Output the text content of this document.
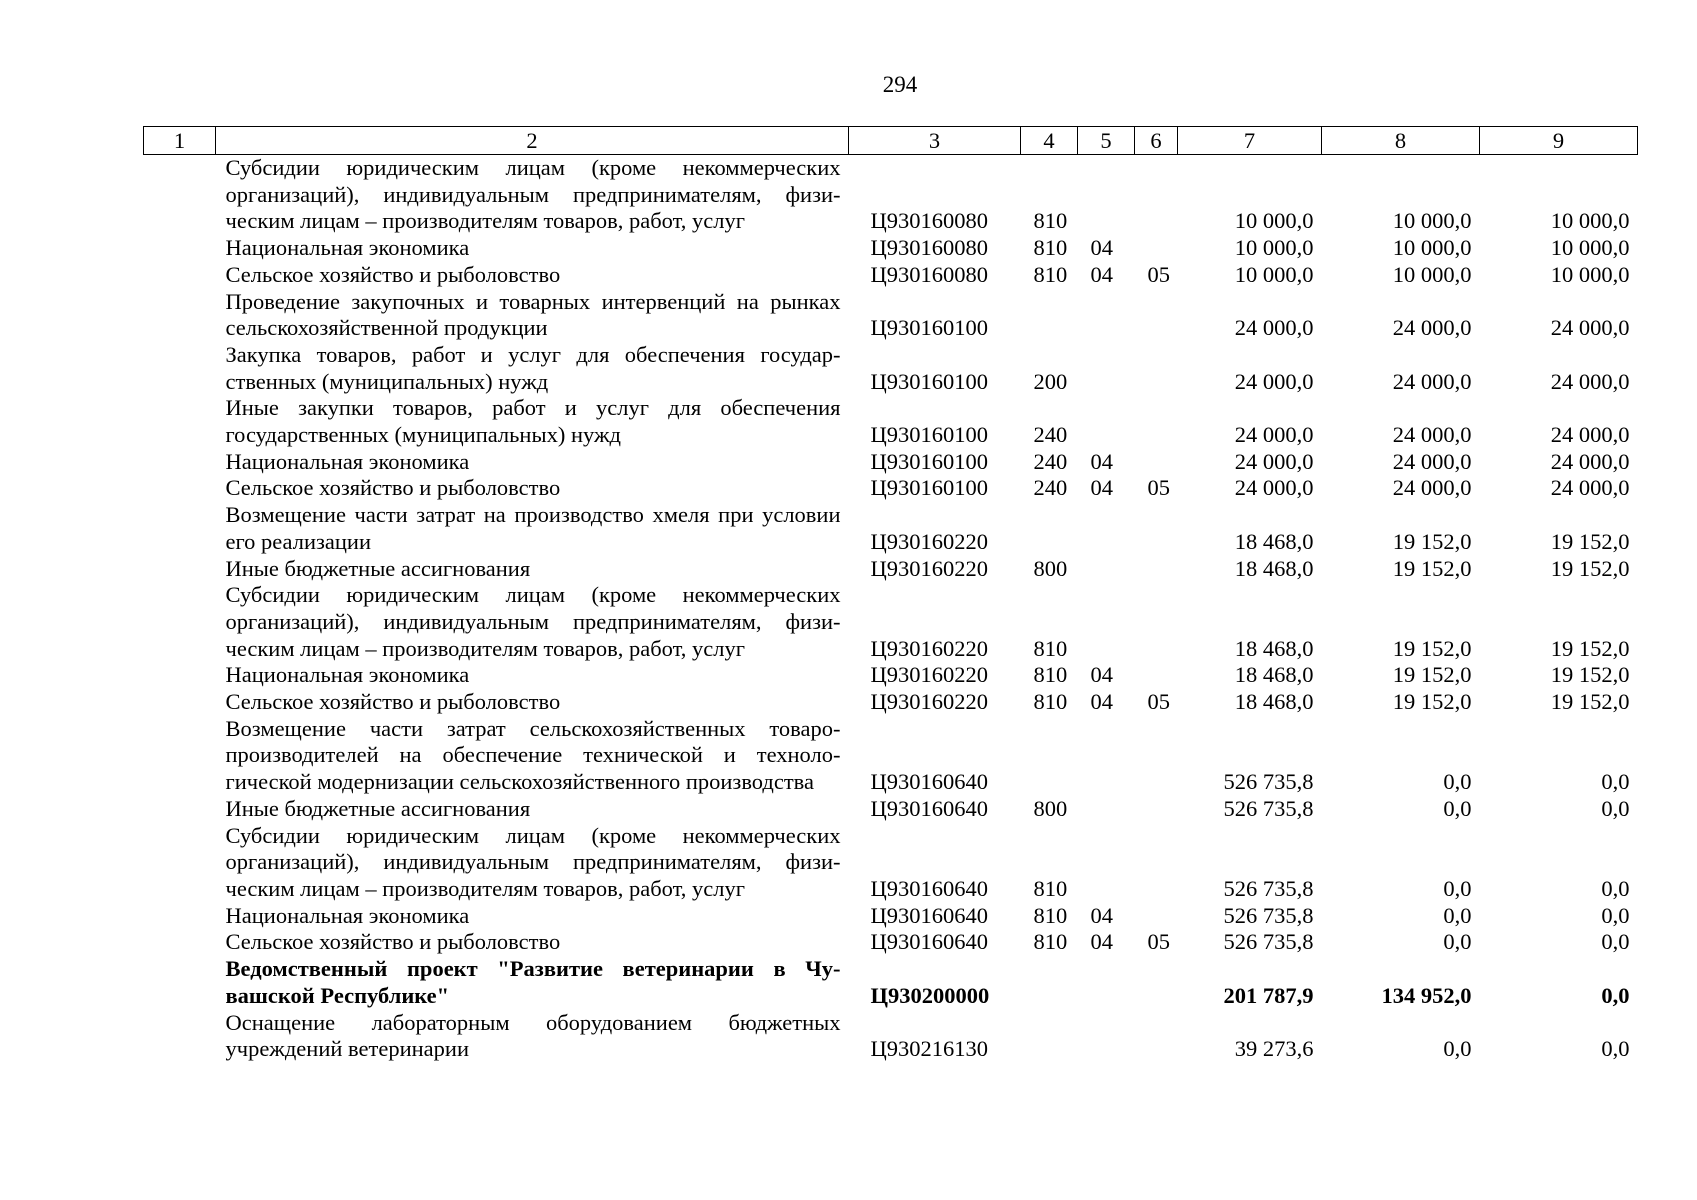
294
1	2	3	4	5	6	7	8	9
	Субсидии юридическим лицам (кроме некоммерческих организаций), индивидуальным предпринимателям, физическим лицам – производителям товаров, работ, услуг	Ц930160080	810			10 000,0	10 000,0	10 000,0
	Национальная экономика	Ц930160080	810	04		10 000,0	10 000,0	10 000,0
	Сельское хозяйство и рыболовство	Ц930160080	810	04	05	10 000,0	10 000,0	10 000,0
	Проведение закупочных и товарных интервенций на рынках сельскохозяйственной продукции	Ц930160100				24 000,0	24 000,0	24 000,0
	Закупка товаров, работ и услуг для обеспечения государственных (муниципальных) нужд	Ц930160100	200			24 000,0	24 000,0	24 000,0
	Иные закупки товаров, работ и услуг для обеспечения государственных (муниципальных) нужд	Ц930160100	240			24 000,0	24 000,0	24 000,0
	Национальная экономика	Ц930160100	240	04		24 000,0	24 000,0	24 000,0
	Сельское хозяйство и рыболовство	Ц930160100	240	04	05	24 000,0	24 000,0	24 000,0
	Возмещение части затрат на производство хмеля при условии его реализации	Ц930160220				18 468,0	19 152,0	19 152,0
	Иные бюджетные ассигнования	Ц930160220	800			18 468,0	19 152,0	19 152,0
	Субсидии юридическим лицам (кроме некоммерческих организаций), индивидуальным предпринимателям, физическим лицам – производителям товаров, работ, услуг	Ц930160220	810			18 468,0	19 152,0	19 152,0
	Национальная экономика	Ц930160220	810	04		18 468,0	19 152,0	19 152,0
	Сельское хозяйство и рыболовство	Ц930160220	810	04	05	18 468,0	19 152,0	19 152,0
	Возмещение части затрат сельскохозяйственных товаропроизводителей на обеспечение технической и технологической модернизации сельскохозяйственного производства	Ц930160640				526 735,8	0,0	0,0
	Иные бюджетные ассигнования	Ц930160640	800			526 735,8	0,0	0,0
	Субсидии юридическим лицам (кроме некоммерческих организаций), индивидуальным предпринимателям, физическим лицам – производителям товаров, работ, услуг	Ц930160640	810			526 735,8	0,0	0,0
	Национальная экономика	Ц930160640	810	04		526 735,8	0,0	0,0
	Сельское хозяйство и рыболовство	Ц930160640	810	04	05	526 735,8	0,0	0,0
	Ведомственный проект "Развитие ветеринарии в Чувашской Республике"	Ц930200000				201 787,9	134 952,0	0,0
	Оснащение лабораторным оборудованием бюджетных учреждений ветеринарии	Ц930216130				39 273,6	0,0	0,0
